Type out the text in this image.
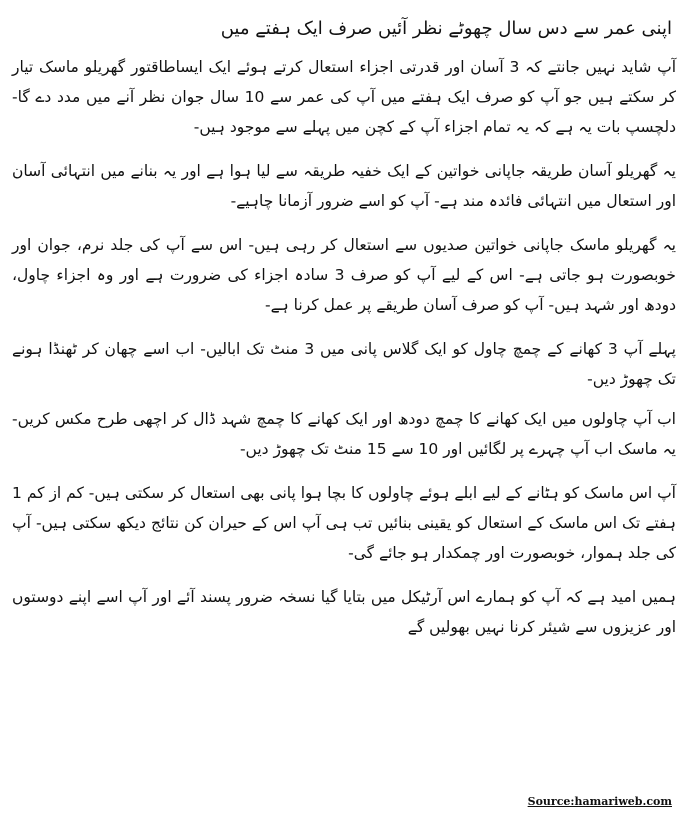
اپنی عمر سے دس سال چھوٹے نظر آئیں صرف ایک ہفتے میں

آپ شاید نہیں جانتے کہ 3 آسان اور قدرتی اجزاء استعال کرتے ہوئے ایک ایساطاقتور گھریلو ماسک تیار کر سکتے ہیں جو آپ کو صرف ایک ہفتے میں آپ کی عمر سے 10 سال جوان نظر آنے میں مدد دے گا- دلچسپ بات یہ ہے کہ یہ تمام اجزاء آپ کے کچن میں پہلے سے موجود ہیں-

یہ گھریلو آسان طریقہ جاپانی خواتین کے ایک خفیہ طریقہ سے لیا ہوا ہے اور یہ بنانے میں انتہائی آسان اور استعال میں انتہائی فائدہ مند ہے- آپ کو اسے ضرور آزمانا چاہیے-

یہ گھریلو ماسک جاپانی خواتین صدیوں سے استعال کر رہی ہیں- اس سے آپ کی جلد نرم، جوان اور خوبصورت ہو جاتی ہے- اس کے لیے آپ کو صرف 3 سادہ اجزاء کی ضرورت ہے اور وہ اجزاء چاول، دودھ اور شہد ہیں- آپ کو صرف آسان طریقے پر عمل کرنا ہے-

پہلے آپ 3 کھانے کے چمچ چاول کو ایک گلاس پانی میں 3 منٹ تک ابالیں- اب اسے چھان کر ٹھنڈا ہونے تک چھوڑ دیں-

اب آپ چاولوں میں ایک کھانے کا چمچ دودھ اور ایک کھانے کا چمچ شہد ڈال کر اچھی طرح مکس کریں- یہ ماسک اب آپ چہرے پر لگائیں اور 10 سے 15 منٹ تک چھوڑ دیں-

آپ اس ماسک کو ہٹانے کے لیے ابلے ہوئے چاولوں کا بچا ہوا پانی بھی استعال کر سکتی ہیں- کم از کم 1 ہفتے تک اس ماسک کے استعال کو یقینی بنائیں تب ہی آپ اس کے حیران کن نتائج دیکھ سکتی ہیں- آپ کی جلد ہموار، خوبصورت اور چمکدار ہو جائے گی-

ہمیں امید ہے کہ آپ کو ہمارے اس آرٹیکل میں بتایا گیا نسخہ ضرور پسند آئے اور آپ اسے اپنے دوستوں اور عزیزوں سے شیئر کرنا نہیں بھولیں گے

Source:hamariweb.com
